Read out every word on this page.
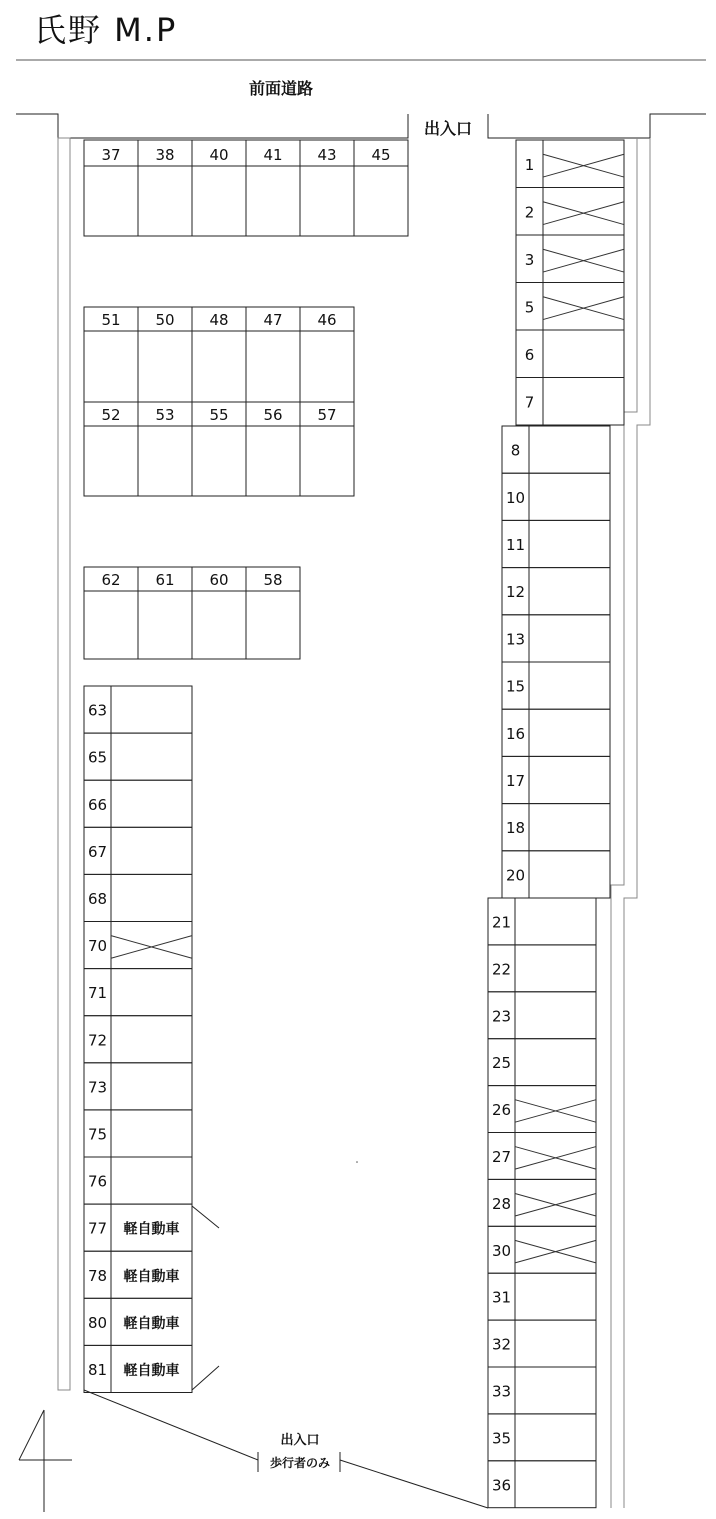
氏野 M.P
前面道路
出入口
37 38 40 41 43 45
51 50 48 47 46
52 53 55 56 57
62 61 60 58
63
65
66
67
68
70
71
72
73
75
76
77 軽自動車
78 軽自動車
80 軽自動車
81 軽自動車
1
2
3
5
6
7
8
10
11
12
13
15
16
17
18
20
21
22
23
25
26
27
28
30
31
32
33
35
36
出入口
歩行者のみ
